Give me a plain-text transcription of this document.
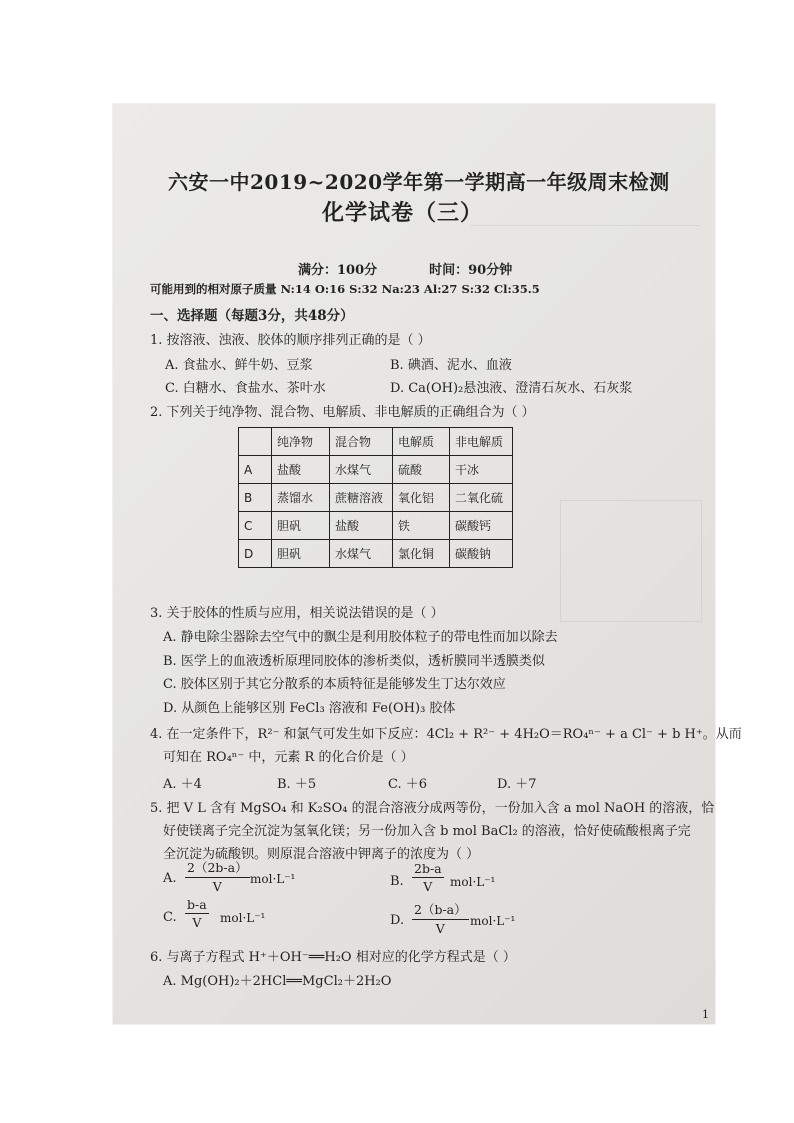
六安一中2019~2020学年第一学期高一年级周末检测
化学试卷（三）
满分：100分	时间：90分钟
可能用到的相对原子质量 N:14 O:16 S:32 Na:23 Al:27 S:32 Cl:35.5
一、选择题（每题3分，共48分）
1. 按溶液、浊液、胶体的顺序排列正确的是（ ）
A. 食盐水、鲜牛奶、豆浆	B. 碘酒、泥水、血液
C. 白糖水、食盐水、茶叶水	D. Ca(OH)₂悬浊液、澄清石灰水、石灰浆
2. 下列关于纯净物、混合物、电解质、非电解质的正确组合为（ ）
	纯净物	混合物	电解质	非电解质
A	盐酸	水煤气	硫酸	干冰
B	蒸馏水	蔗糖溶液	氧化铝	二氧化硫
C	胆矾	盐酸	铁	碳酸钙
D	胆矾	水煤气	氯化铜	碳酸钠
3. 关于胶体的性质与应用，相关说法错误的是（ ）
A. 静电除尘器除去空气中的飘尘是利用胶体粒子的带电性而加以除去
B. 医学上的血液透析原理同胶体的渗析类似，透析膜同半透膜类似
C. 胶体区别于其它分散系的本质特征是能够发生丁达尔效应
D. 从颜色上能够区别 FeCl₃ 溶液和 Fe(OH)₃ 胶体
4. 在一定条件下，R²⁻ 和氯气可发生如下反应：4Cl₂ + R²⁻ + 4H₂O＝RO₄ⁿ⁻ + a Cl⁻ + b H⁺。从而
可知在 RO₄ⁿ⁻ 中，元素 R 的化合价是（ ）
A. ＋4	B. ＋5	C. ＋6	D. ＋7
5. 把 V L 含有 MgSO₄ 和 K₂SO₄ 的混合溶液分成两等份，一份加入含 a mol NaOH 的溶液，恰
好使镁离子完全沉淀为氢氧化镁；另一份加入含 b mol BaCl₂ 的溶液，恰好使硫酸根离子完
全沉淀为硫酸钡。则原混合溶液中钾离子的浓度为（ ）
A. $\frac{2(2b-a)}{V} mol\cdot L^{-1}$	B. $\frac{2b-a}{V} mol\cdot L^{-1}$
C. $\frac{b-a}{V} mol\cdot L^{-1}$	D. $\frac{2(b-a)}{V} mol\cdot L^{-1}$
6. 与离子方程式 H⁺＋OH⁻══H₂O 相对应的化学方程式是（ ）
A. Mg(OH)₂＋2HCl══MgCl₂＋2H₂O
1
